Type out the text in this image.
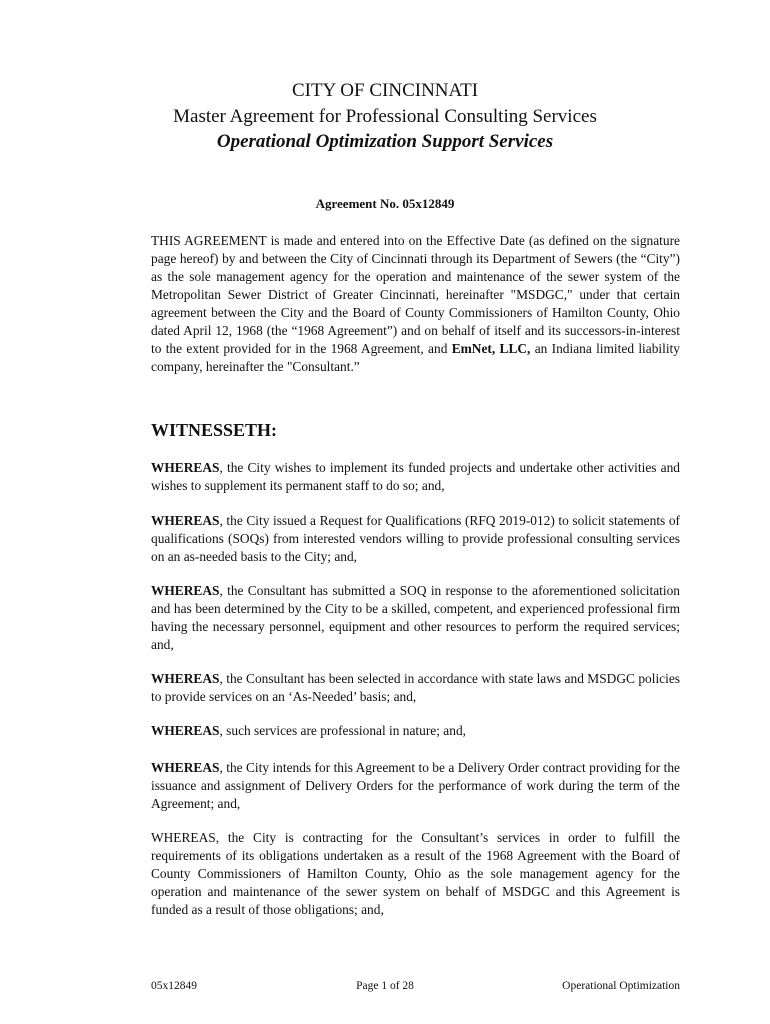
CITY OF CINCINNATI
Master Agreement for Professional Consulting Services
Operational Optimization Support Services
Agreement No. 05x12849

THIS AGREEMENT is made and entered into on the Effective Date (as defined on the signature page hereof) by and between the City of Cincinnati through its Department of Sewers (the “City”) as the sole management agency for the operation and maintenance of the sewer system of the Metropolitan Sewer District of Greater Cincinnati, hereinafter "MSDGC," under that certain agreement between the City and the Board of County Commissioners of Hamilton County, Ohio dated April 12, 1968 (the “1968 Agreement”) and on behalf of itself and its successors-in-interest to the extent provided for in the 1968 Agreement, and EmNet, LLC, an Indiana limited liability company, hereinafter the "Consultant.”

WITNESSETH:

WHEREAS, the City wishes to implement its funded projects and undertake other activities and wishes to supplement its permanent staff to do so; and,

WHEREAS, the City issued a Request for Qualifications (RFQ 2019-012) to solicit statements of qualifications (SOQs) from interested vendors willing to provide professional consulting services on an as-needed basis to the City; and,

WHEREAS, the Consultant has submitted a SOQ in response to the aforementioned solicitation and has been determined by the City to be a skilled, competent, and experienced professional firm having the necessary personnel, equipment and other resources to perform the required services; and,

WHEREAS, the Consultant has been selected in accordance with state laws and MSDGC policies to provide services on an ‘As-Needed’ basis; and,

WHEREAS, such services are professional in nature; and,

WHEREAS, the City intends for this Agreement to be a Delivery Order contract providing for the issuance and assignment of Delivery Orders for the performance of work during the term of the Agreement; and,

WHEREAS, the City is contracting for the Consultant’s services in order to fulfill the requirements of its obligations undertaken as a result of the 1968 Agreement with the Board of County Commissioners of Hamilton County, Ohio as the sole management agency for the operation and maintenance of the sewer system on behalf of MSDGC and this Agreement is funded as a result of those obligations; and,

05x12849	Page 1 of 28	Operational Optimization
